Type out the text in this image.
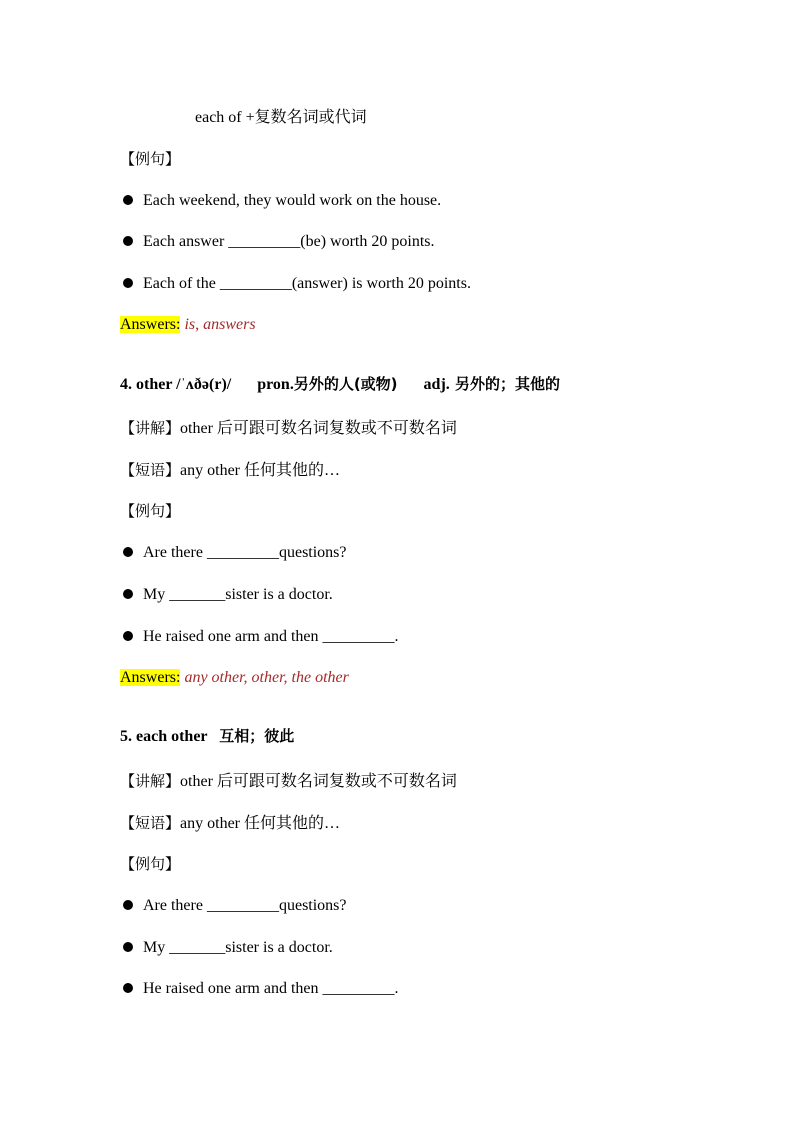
each of +复数名词或代词
【例句】
Each weekend, they would work on the house.
Each answer _________(be) worth 20 points.
Each of the _________(answer) is worth 20 points.
Answers: is, answers
4. other /ˈʌðə(r)/ pron.另外的人(或物) adj. 另外的；其他的
【讲解】other 后可跟可数名词复数或不可数名词
【短语】any other 任何其他的…
【例句】
Are there _________questions?
My _______sister is a doctor.
He raised one arm and then _________.
Answers: any other, other, the other
5. each other 互相；彼此
【讲解】other 后可跟可数名词复数或不可数名词
【短语】any other 任何其他的…
【例句】
Are there _________questions?
My _______sister is a doctor.
He raised one arm and then _________.
